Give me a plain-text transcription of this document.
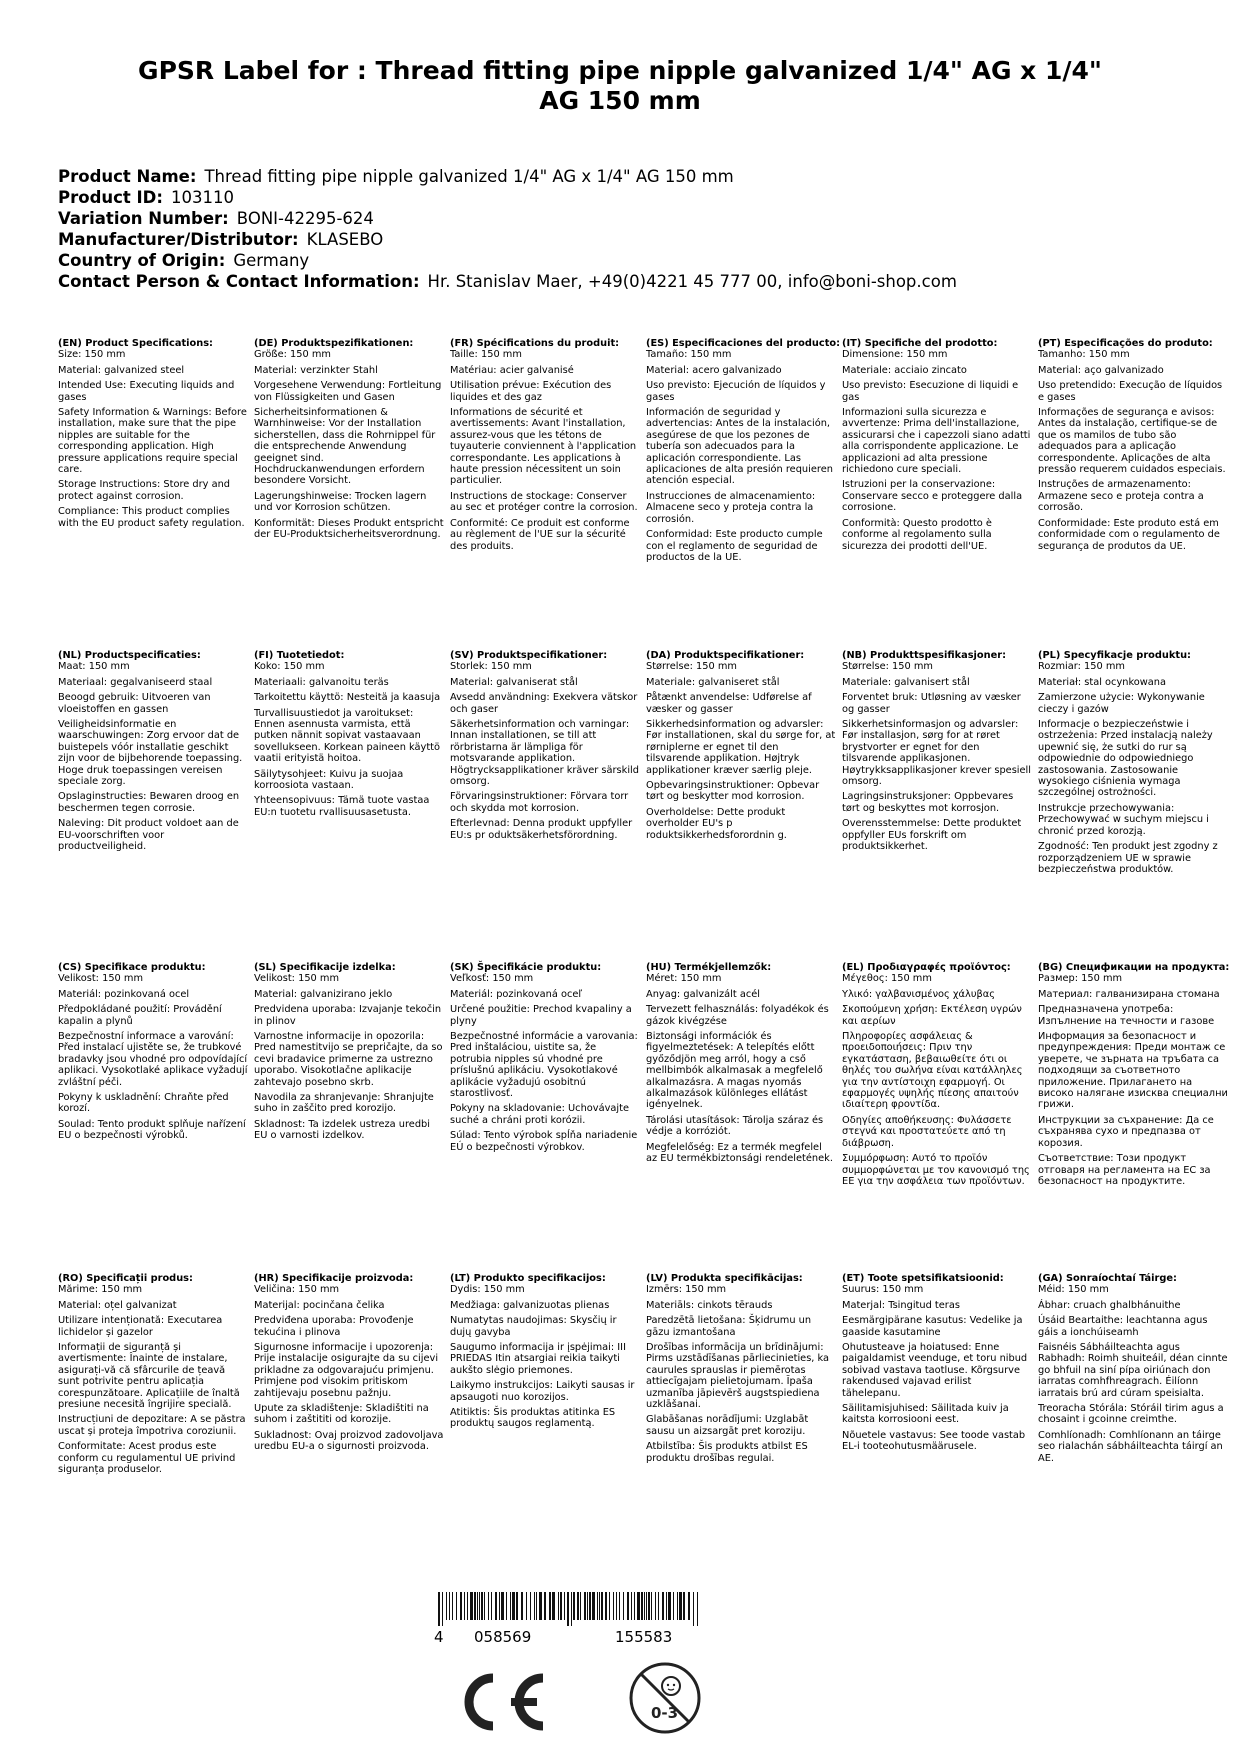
GPSR Label for : Thread fitting pipe nipple galvanized 1/4" AG x 1/4" AG 150 mm
Product Name: Thread fitting pipe nipple galvanized 1/4" AG x 1/4" AG 150 mm
Product ID: 103110
Variation Number: BONI-42295-624
Manufacturer/Distributor: KLASEBO
Country of Origin: Germany
Contact Person & Contact Information: Hr. Stanislav Maer, +49(0)4221 45 777 00, info@boni-shop.com
(EN) Product Specifications:

Size: 150 mm

Material: galvanized steel

Intended Use: Executing liquids and gases

Safety Information & Warnings: Before installation, make sure that the pipe nipples are suitable for the corresponding application. High pressure applications require special care.

Storage Instructions: Store dry and protect against corrosion.

Compliance: This product complies with the EU product safety regulation.

(DE) Produktspezifikationen:

Größe: 150 mm

Material: verzinkter Stahl

Vorgesehene Verwendung: Fortleitung von Flüssigkeiten und Gasen

Sicherheitsinformationen & Warnhinweise: Vor der Installation sicherstellen, dass die Rohrnippel für die entsprechende Anwendung geeignet sind. Hochdruckanwendungen erfordern besondere Vorsicht.

Lagerungshinweise: Trocken lagern und vor Korrosion schützen.

Konformität: Dieses Produkt entspricht der EU-Produktsicherheitsverordnung.

(FR) Spécifications du produit:

Taille: 150 mm

Matériau: acier galvanisé

Utilisation prévue: Exécution des liquides et des gaz

Informations de sécurité et avertissements: Avant l'installation, assurez-vous que les tétons de tuyauterie conviennent à l'application correspondante. Les applications à haute pression nécessitent un soin particulier.

Instructions de stockage: Conserver au sec et protéger contre la corrosion.

Conformité: Ce produit est conforme au règlement de l'UE sur la sécurité des produits.

(ES) Especificaciones del producto:

Tamaño: 150 mm

Material: acero galvanizado

Uso previsto: Ejecución de líquidos y gases

Información de seguridad y advertencias: Antes de la instalación, asegúrese de que los pezones de tubería son adecuados para la aplicación correspondiente. Las aplicaciones de alta presión requieren atención especial.

Instrucciones de almacenamiento: Almacene seco y proteja contra la corrosión.

Conformidad: Este producto cumple con el reglamento de seguridad de productos de la UE.

(IT) Specifiche del prodotto:

Dimensione: 150 mm

Materiale: acciaio zincato

Uso previsto: Esecuzione di liquidi e gas

Informazioni sulla sicurezza e avvertenze: Prima dell'installazione, assicurarsi che i capezzoli siano adatti alla corrispondente applicazione. Le applicazioni ad alta pressione richiedono cure speciali.

Istruzioni per la conservazione: Conservare secco e proteggere dalla corrosione.

Conformità: Questo prodotto è conforme al regolamento sulla sicurezza dei prodotti dell'UE.

(PT) Especificações do produto:

Tamanho: 150 mm

Material: aço galvanizado

Uso pretendido: Execução de líquidos e gases

Informações de segurança e avisos: Antes da instalação, certifique-se de que os mamilos de tubo são adequados para a aplicação correspondente. Aplicações de alta pressão requerem cuidados especiais.

Instruções de armazenamento: Armazene seco e proteja contra a corrosão.

Conformidade: Este produto está em conformidade com o regulamento de segurança de produtos da UE.

(NL) Productspecificaties:

Maat: 150 mm

Materiaal: gegalvaniseerd staal

Beoogd gebruik: Uitvoeren van vloeistoffen en gassen

Veiligheidsinformatie en waarschuwingen: Zorg ervoor dat de buistepels vóór installatie geschikt zijn voor de bijbehorende toepassing. Hoge druk toepassingen vereisen speciale zorg.

Opslaginstructies: Bewaren droog en beschermen tegen corrosie.

Naleving: Dit product voldoet aan de EU-voorschriften voor productveiligheid.

(FI) Tuotetiedot:

Koko: 150 mm

Materiaali: galvanoitu teräs

Tarkoitettu käyttö: Nesteitä ja kaasuja

Turvallisuustiedot ja varoitukset: Ennen asennusta varmista, että putken nännit sopivat vastaavaan sovellukseen. Korkean paineen käyttö vaatii erityistä hoitoa.

Säilytysohjeet: Kuivu ja suojaa korroosiota vastaan.

Yhteensopivuus: Tämä tuote vastaa EU:n tuotetu rvallisuusasetusta.

(SV) Produktspecifikationer:

Storlek: 150 mm

Material: galvaniserat stål

Avsedd användning: Exekvera vätskor och gaser

Säkerhetsinformation och varningar: Innan installationen, se till att rörbristarna är lämpliga för motsvarande applikation. Högtrycksapplikationer kräver särskild omsorg.

Förvaringsinstruktioner: Förvara torr och skydda mot korrosion.

Efterlevnad: Denna produkt uppfyller EU:s pr oduktsäkerhetsförordning.

(DA) Produktspecifikationer:

Størrelse: 150 mm

Materiale: galvaniseret stål

Påtænkt anvendelse: Udførelse af væsker og gasser

Sikkerhedsinformation og advarsler: Før installationen, skal du sørge for, at rørniplerne er egnet til den tilsvarende applikation. Højtryk applikationer kræver særlig pleje.

Opbevaringsinstruktioner: Opbevar tørt og beskytter mod korrosion.

Overholdelse: Dette produkt overholder EU's p roduktsikkerhedsforordnin g.

(NB) Produkttspesifikasjoner:

Størrelse: 150 mm

Materiale: galvanisert stål

Forventet bruk: Utløsning av væsker og gasser

Sikkerhetsinformasjon og advarsler: Før installasjon, sørg for at røret brystvorter er egnet for den tilsvarende applikasjonen. Høytrykksapplikasjoner krever spesiell omsorg.

Lagringsinstruksjoner: Oppbevares tørt og beskyttes mot korrosjon.

Overensstemmelse: Dette produktet oppfyller EUs forskrift om produktsikkerhet.

(PL) Specyfikacje produktu:

Rozmiar: 150 mm

Materiał: stal ocynkowana

Zamierzone użycie: Wykonywanie cieczy i gazów

Informacje o bezpieczeństwie i ostrzeżenia: Przed instalacją należy upewnić się, że sutki do rur są odpowiednie do odpowiedniego zastosowania. Zastosowanie wysokiego ciśnienia wymaga szczególnej ostrożności.

Instrukcje przechowywania: Przechowywać w suchym miejscu i chronić przed korozją.

Zgodność: Ten produkt jest zgodny z rozporządzeniem UE w sprawie bezpieczeństwa produktów.

(CS) Specifikace produktu:

Velikost: 150 mm

Materiál: pozinkovaná ocel

Předpokládané použití: Provádění kapalin a plynů

Bezpečnostní informace a varování: Před instalací ujistěte se, že trubkové bradavky jsou vhodné pro odpovídající aplikaci. Vysokotlaké aplikace vyžadují zvláštní péči.

Pokyny k uskladnění: Chraňte před korozí.

Soulad: Tento produkt splňuje nařízení EU o bezpečnosti výrobků.

(SL) Specifikacije izdelka:

Velikost: 150 mm

Material: galvanizirano jeklo

Predvidena uporaba: Izvajanje tekočin in plinov

Varnostne informacije in opozorila: Pred namestitvijo se prepričajte, da so cevi bradavice primerne za ustrezno uporabo. Visokotlačne aplikacije zahtevajo posebno skrb.

Navodila za shranjevanje: Shranjujte suho in zaščito pred korozijo.

Skladnost: Ta izdelek ustreza uredbi EU o varnosti izdelkov.

(SK) Špecifikácie produktu:

Veľkosť: 150 mm

Materiál: pozinkovaná oceľ

Určené použitie: Prechod kvapaliny a plyny

Bezpečnostné informácie a varovania: Pred inštaláciou, uistite sa, že potrubia nipples sú vhodné pre príslušnú aplikáciu. Vysokotlakové aplikácie vyžadujú osobitnú starostlivosť.

Pokyny na skladovanie: Uchovávajte suché a chráni proti korózii.

Súlad: Tento výrobok spĺňa nariadenie EÚ o bezpečnosti výrobkov.

(HU) Termékjellemzők:

Méret: 150 mm

Anyag: galvanizált acél

Tervezett felhasználás: folyadékok és gázok kivégzése

Biztonsági információk és figyelmeztetések: A telepítés előtt győződjön meg arról, hogy a cső mellbimbók alkalmasak a megfelelő alkalmazásra. A magas nyomás alkalmazások különleges ellátást igényelnek.

Tárolási utasítások: Tárolja száraz és védje a korróziót.

Megfelelőség: Ez a termék megfelel az EU termékbiztonsági rendeletének.

(EL) Προδιαγραφές προϊόντος:

Μέγεθος: 150 mm

Υλικό: γαλβανισμένος χάλυβας

Σκοπούμενη χρήση: Εκτέλεση υγρών και αερίων

Πληροφορίες ασφάλειας & προειδοποιήσεις: Πριν την εγκατάσταση, βεβαιωθείτε ότι οι θηλές του σωλήνα είναι κατάλληλες για την αντίστοιχη εφαρμογή. Οι εφαρμογές υψηλής πίεσης απαιτούν ιδιαίτερη φροντίδα.

Οδηγίες αποθήκευσης: Φυλάσσετε στεγνά και προστατεύετε από τη διάβρωση.

Συμμόρφωση: Αυτό το προϊόν συμμορφώνεται με τον κανονισμό της ΕΕ για την ασφάλεια των προϊόντων.

(BG) Спецификации на продукта:

Размер: 150 mm

Материал: галванизирана стомана

Предназначена употреба: Изпълнение на течности и газове

Информация за безопасност и предупреждения: Преди монтаж се уверете, че зърната на тръбата са подходящи за съответното приложение. Прилагането на високо налягане изисква специални грижи.

Инструкции за съхранение: Да се съхранява сухо и предпазва от корозия.

Съответствие: Този продукт отговаря на регламента на ЕС за безопасност на продуктите.

(RO) Specificații produs:

Mărime: 150 mm

Material: oțel galvanizat

Utilizare intenționată: Executarea lichidelor și gazelor

Informații de siguranță și avertismente: Înainte de instalare, asigurați-vă că sfârcurile de țeavă sunt potrivite pentru aplicația corespunzătoare. Aplicațiile de înaltă presiune necesită îngrijire specială.

Instrucțiuni de depozitare: A se păstra uscat și proteja împotriva coroziunii.

Conformitate: Acest produs este conform cu regulamentul UE privind siguranța produselor.

(HR) Specifikacije proizvoda:

Veličina: 150 mm

Materijal: pocinčana čelika

Predviđena uporaba: Provođenje tekućina i plinova

Sigurnosne informacije i upozorenja: Prije instalacije osigurajte da su cijevi prikladne za odgovarajuću primjenu. Primjene pod visokim pritiskom zahtijevaju posebnu pažnju.

Upute za skladištenje: Skladištiti na suhom i zaštititi od korozije.

Sukladnost: Ovaj proizvod zadovoljava uredbu EU-a o sigurnosti proizvoda.

(LT) Produkto specifikacijos:

Dydis: 150 mm

Medžiaga: galvanizuotas plienas

Numatytas naudojimas: Skysčių ir dujų gavyba

Saugumo informacija ir įspėjimai: III PRIEDAS Itin atsargiai reikia taikyti aukšto slėgio priemones.

Laikymo instrukcijos: Laikyti sausas ir apsaugoti nuo korozijos.

Atitiktis: Šis produktas atitinka ES produktų saugos reglamentą.

(LV) Produkta specifikācijas:

Izmērs: 150 mm

Materiāls: cinkots tērauds

Paredzētā lietošana: Šķidrumu un gāzu izmantošana

Drošības informācija un brīdinājumi: Pirms uzstādīšanas pārliecinieties, ka caurules sprauslas ir piemērotas attiecīgajam pielietojumam. Īpaša uzmanība jāpievērš augstspiediena uzklāšanai.

Glabāšanas norādījumi: Uzglabāt sausu un aizsargāt pret koroziju.

Atbilstība: Šis produkts atbilst ES produktu drošības regulai.

(ET) Toote spetsifikatsioonid:

Suurus: 150 mm

Materjal: Tsingitud teras

Eesmärgipärane kasutus: Vedelike ja gaaside kasutamine

Ohutusteave ja hoiatused: Enne paigaldamist veenduge, et toru nibud sobivad vastava taotluse. Kõrgsurve rakendused vajavad erilist tähelepanu.

Säilitamisjuhised: Säilitada kuiv ja kaitsta korrosiooni eest.

Nõuetele vastavus: See toode vastab EL-i tooteohutusmäärusele.

(GA) Sonraíochtaí Táirge:

Méid: 150 mm

Ábhar: cruach ghalbhánuithe

Úsáid Beartaithe: leachtanna agus gáis a ionchúiseamh

Faisnéis Sábháilteachta agus Rabhadh: Roimh shuiteáil, déan cinnte go bhfuil na siní pípa oiriúnach don iarratas comhfhreagrach. Éilíonn iarratais brú ard cúram speisialta.

Treoracha Stórála: Stóráil tirim agus a chosaint i gcoinne creimthe.

Comhlíonadh: Comhlíonann an táirge seo rialachán sábháilteachta táirgí an AE.

4 058569	155583
0-3
